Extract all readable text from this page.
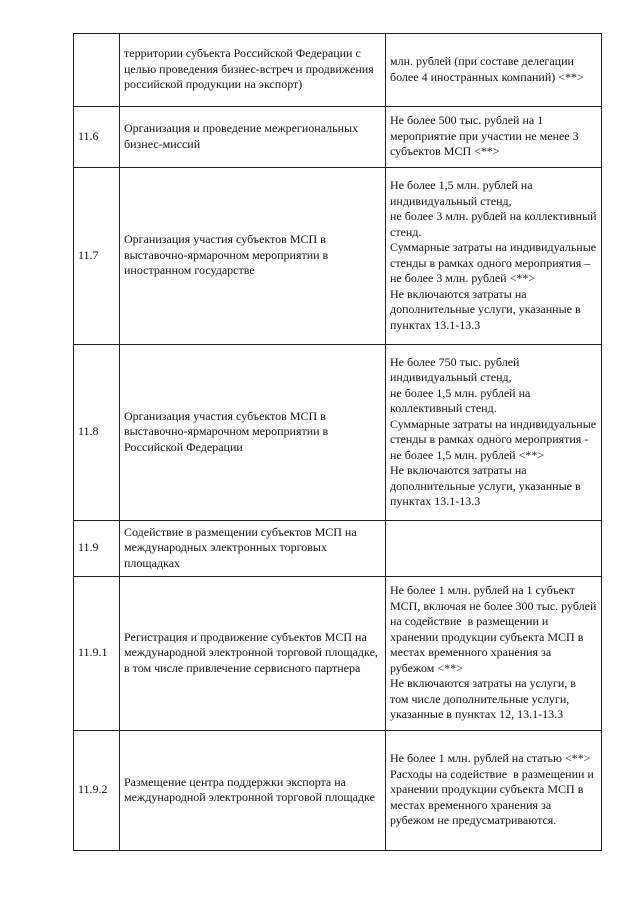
	территории субъекта Российской Федерации с целью проведения бизнес-встреч и продвижения российской продукции на экспорт)	млн. рублей (при составе делегации более 4 иностранных компаний) <**>

11.6	Организация и проведение межрегиональных бизнес-миссий	Не более 500 тыс. рублей на 1 мероприятие при участии не менее 3 субъектов МСП <**>

11.7	Организация участия субъектов МСП в выставочно-ярмарочном мероприятии в иностранном государстве	Не более 1,5 млн. рублей на индивидуальный стенд,
не более 3 млн. рублей на коллективный стенд.
Суммарные затраты на индивидуальные стенды в рамках одного мероприятия –
не более 3 млн. рублей <**>
Не включаются затраты на дополнительные услуги, указанные в пунктах 13.1-13.3

11.8	Организация участия субъектов МСП в выставочно-ярмарочном мероприятии в Российской Федерации	Не более 750 тыс. рублей индивидуальный стенд,
не более 1,5 млн. рублей на коллективный стенд.
Суммарные затраты на индивидуальные стенды в рамках одного мероприятия - не более 1,5 млн. рублей <**>
Не включаются затраты на дополнительные услуги, указанные в пунктах 13.1-13.3

11.9	Содействие в размещении субъектов МСП на международных электронных торговых площадках	
11.9.1	Регистрация и продвижение субъектов МСП на международной электронной торговой площадке, в том числе привлечение сервисного партнера	Не более 1 млн. рублей на 1 субъект МСП, включая не более 300 тыс. рублей на содействие  в размещении и хранении продукции субъекта МСП в местах временного хранения за рубежом <**>
Не включаются затраты на услуги, в том числе дополнительные услуги, указанные в пунктах 12, 13.1-13.3

11.9.2	Размещение центра поддержки экспорта на международной электронной торговой площадке	Не более 1 млн. рублей на статью <**>
Расходы на содействие  в размещении и хранении продукции субъекта МСП в местах временного хранения за рубежом не предусматриваются.
